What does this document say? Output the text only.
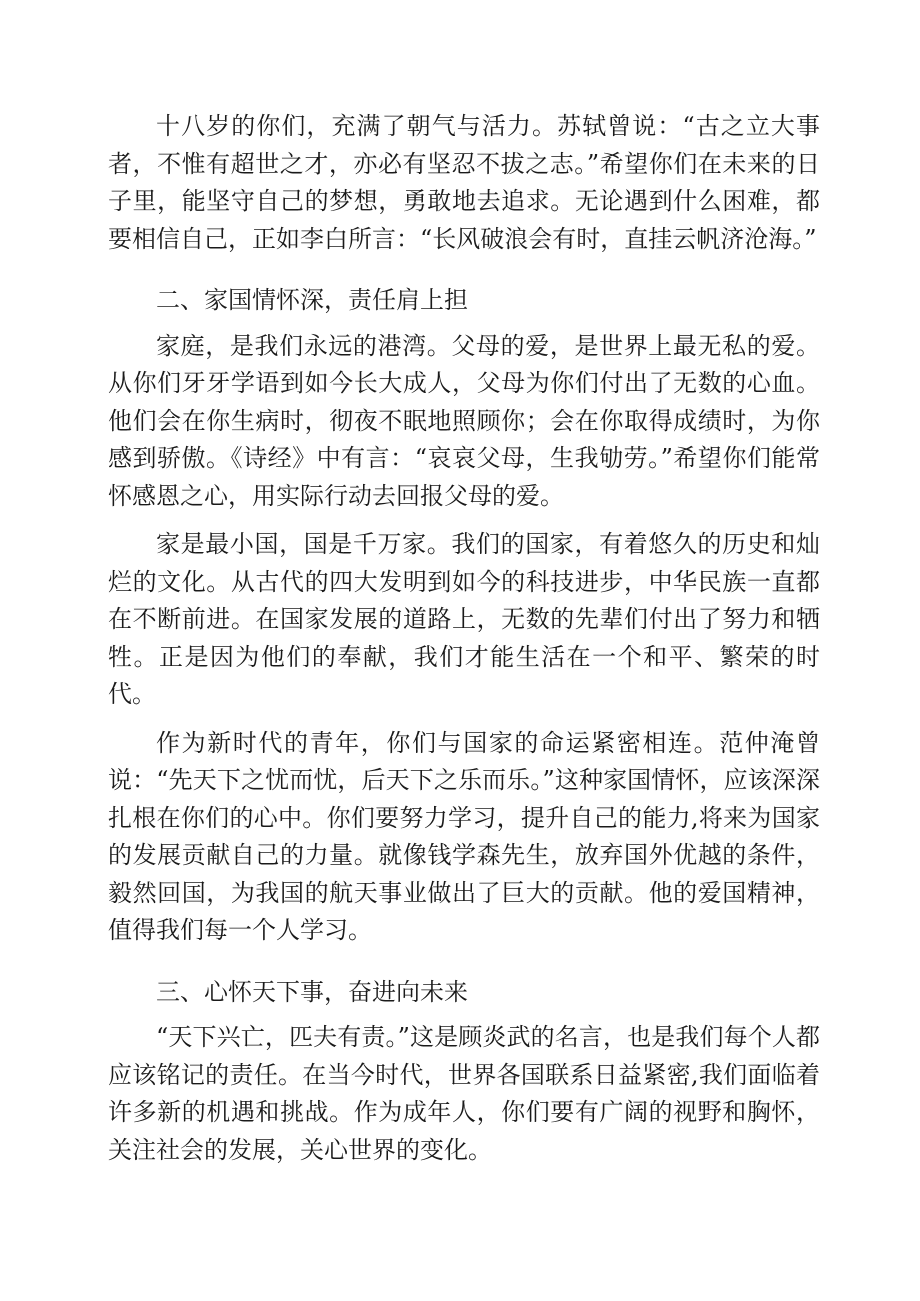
十八岁的你们，充满了朝气与活力。苏轼曾说：“古之立大事者，不惟有超世之才，亦必有坚忍不拔之志。”希望你们在未来的日子里，能坚守自己的梦想，勇敢地去追求。无论遇到什么困难，都要相信自己，正如李白所言：“长风破浪会有时，直挂云帆济沧海。”

二、家国情怀深，责任肩上担

家庭，是我们永远的港湾。父母的爱，是世界上最无私的爱。从你们牙牙学语到如今长大成人，父母为你们付出了无数的心血。他们会在你生病时，彻夜不眠地照顾你；会在你取得成绩时，为你感到骄傲。《诗经》中有言：“哀哀父母，生我劬劳。”希望你们能常怀感恩之心，用实际行动去回报父母的爱。

家是最小国，国是千万家。我们的国家，有着悠久的历史和灿烂的文化。从古代的四大发明到如今的科技进步，中华民族一直都在不断前进。在国家发展的道路上，无数的先辈们付出了努力和牺牲。正是因为他们的奉献，我们才能生活在一个和平、繁荣的时代。

作为新时代的青年，你们与国家的命运紧密相连。范仲淹曾说：“先天下之忧而忧，后天下之乐而乐。”这种家国情怀，应该深深扎根在你们的心中。你们要努力学习，提升自己的能力,将来为国家的发展贡献自己的力量。就像钱学森先生，放弃国外优越的条件，毅然回国，为我国的航天事业做出了巨大的贡献。他的爱国精神，值得我们每一个人学习。

三、心怀天下事，奋进向未来

“天下兴亡，匹夫有责。”这是顾炎武的名言，也是我们每个人都应该铭记的责任。在当今时代，世界各国联系日益紧密,我们面临着许多新的机遇和挑战。作为成年人，你们要有广阔的视野和胸怀，关注社会的发展，关心世界的变化。
